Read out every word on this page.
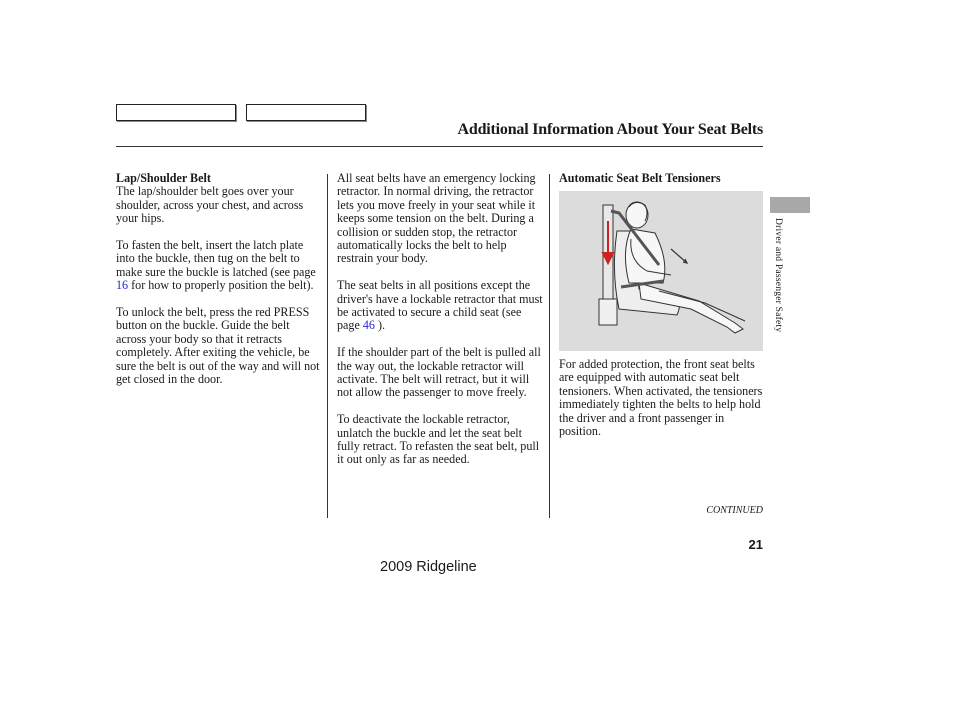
Additional Information About Your Seat Belts
Lap/Shoulder Belt

The lap/shoulder belt goes over your shoulder, across your chest, and across your hips.

To fasten the belt, insert the latch plate into the buckle, then tug on the belt to make sure the buckle is latched (see page 16 for how to properly position the belt).

To unlock the belt, press the red PRESS button on the buckle. Guide the belt across your body so that it retracts completely. After exiting the vehicle, be sure the belt is out of the way and will not get closed in the door.

All seat belts have an emergency locking retractor. In normal driving, the retractor lets you move freely in your seat while it keeps some tension on the belt. During a collision or sudden stop, the retractor automatically locks the belt to help restrain your body.

The seat belts in all positions except the driver's have a lockable retractor that must be activated to secure a child seat (see page 46 ).

If the shoulder part of the belt is pulled all the way out, the lockable retractor will activate. The belt will retract, but it will not allow the passenger to move freely.

To deactivate the lockable retractor, unlatch the buckle and let the seat belt fully retract. To refasten the seat belt, pull it out only as far as needed.

Automatic Seat Belt Tensioners
For added protection, the front seat belts are equipped with automatic seat belt tensioners. When activated, the tensioners immediately tighten the belts to help hold the driver and a front passenger in position.
CONTINUED
21
2009 Ridgeline
Driver and Passenger Safety
